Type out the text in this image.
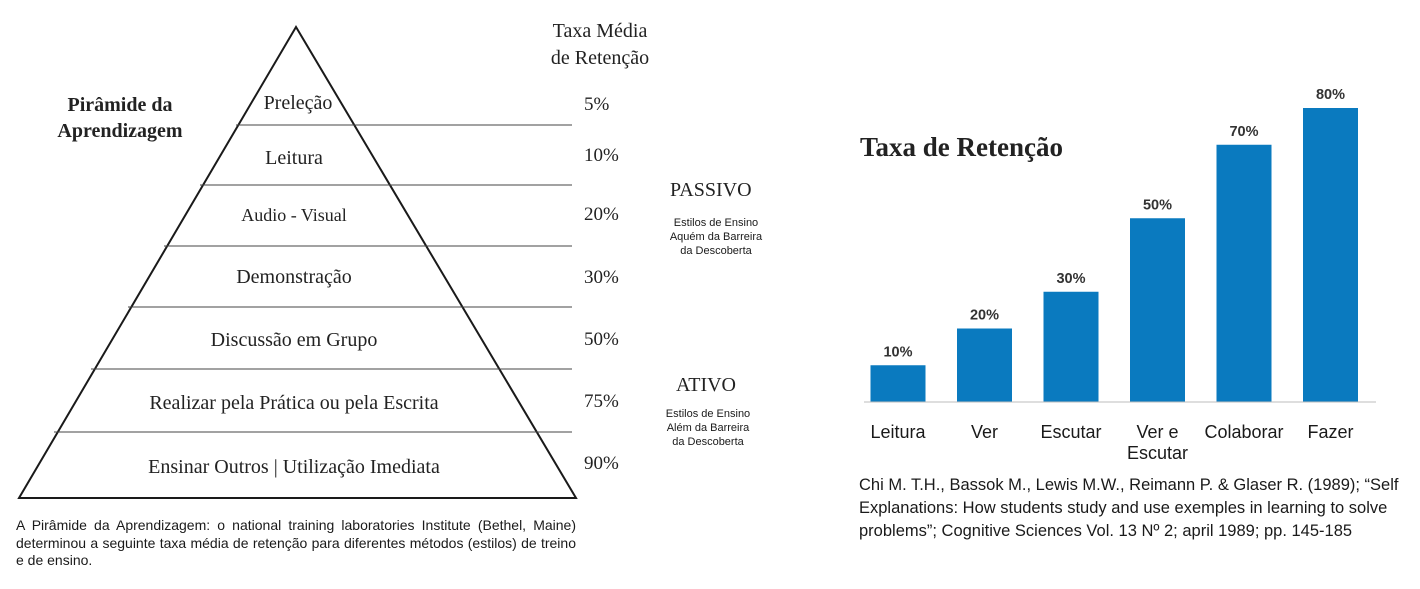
Pirâmide da
Aprendizagem
Taxa Média
de Retenção
Preleção
Leitura
Audio - Visual
Demonstração
Discussão em Grupo
Realizar pela Prática ou pela Escrita
Ensinar Outros | Utilização Imediata
5%
10%
20%
30%
50%
75%
90%
PASSIVO
Estilos de Ensino
Aquém da Barreira
da Descoberta
ATIVO
Estilos de Ensino
Além da Barreira
da Descoberta
A Pirâmide da Aprendizagem: o national training laboratories Institute (Bethel, Maine) determinou a seguinte taxa média de retenção para diferentes métodos (estilos) de treino e de ensino.
10%
Leitura
20%
Ver
30%
Escutar
50%
Ver e
Escutar
70%
Colaborar
80%
Fazer
Taxa de Retenção
Chi M. T.H., Bassok M., Lewis M.W., Reimann P. & Glaser R. (1989); “Self Explanations: How students study and use exemples in learning to solve problems”; Cognitive Sciences Vol. 13 Nº 2; april 1989; pp. 145-185
